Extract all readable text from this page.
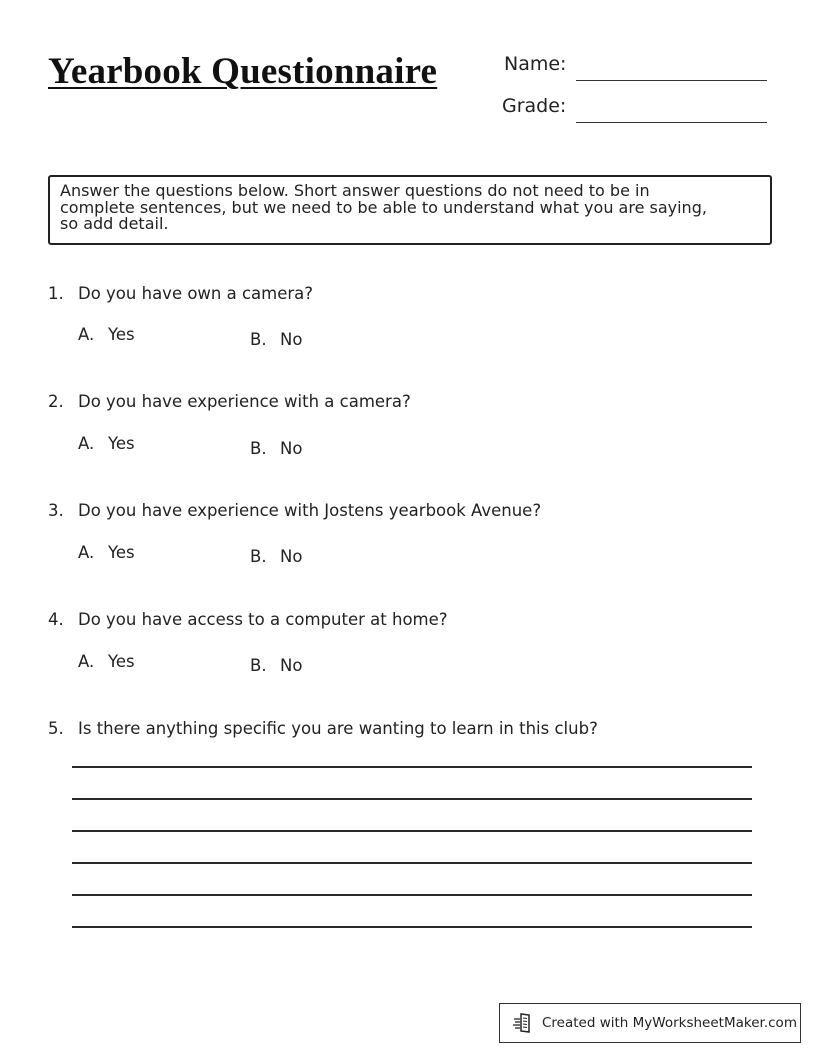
Yearbook Questionnaire	Name:
Grade:
Answer the questions below. Short answer questions do not need to be in
complete sentences, but we need to be able to understand what you are saying,
so add detail.
1. Do you have own a camera?
A. Yes	B. No
2. Do you have experience with a camera?
A. Yes	B. No
3. Do you have experience with Jostens yearbook Avenue?
A. Yes	B. No
4. Do you have access to a computer at home?
A. Yes	B. No
5. Is there anything specific you are wanting to learn in this club?
Created with MyWorksheetMaker.com
